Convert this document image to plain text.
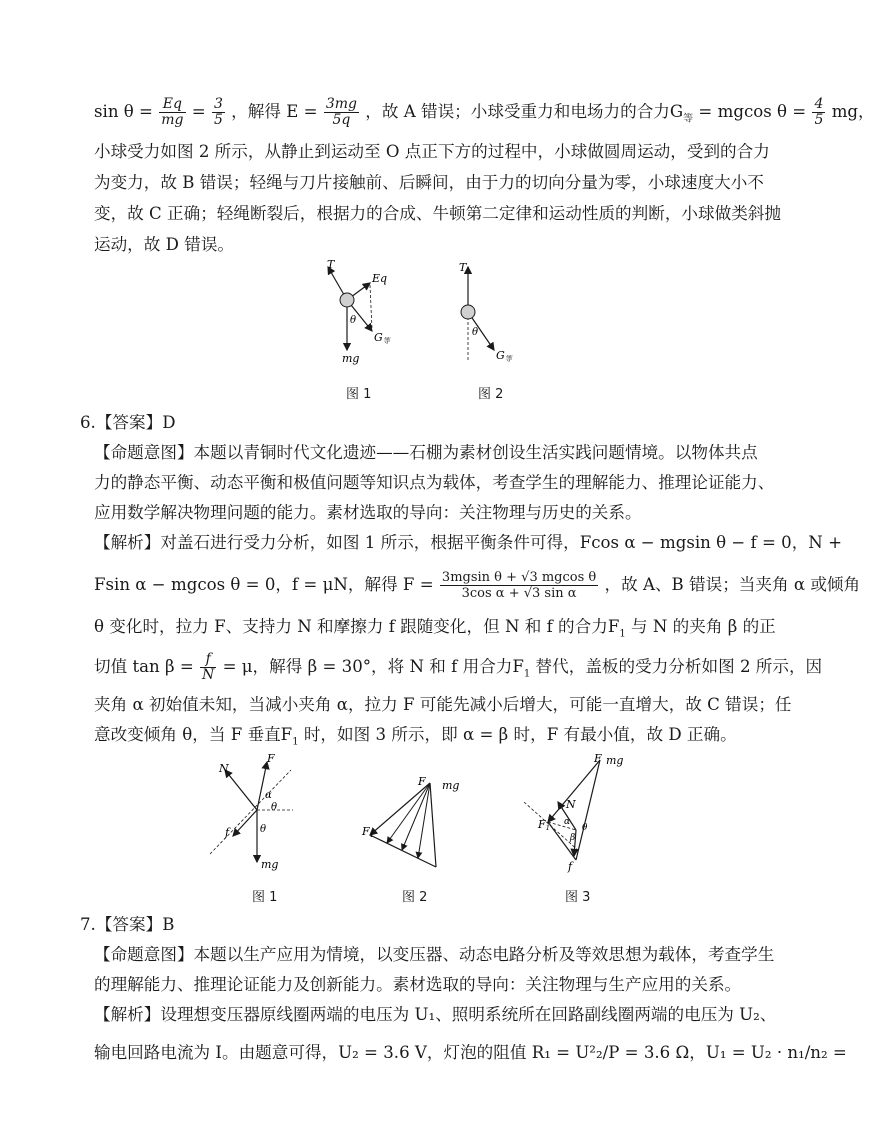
$\sin \theta = \frac{Eq}{mg} = \frac{3}{5}$ ，解得 $E = \frac{3mg}{5q}$ ，故 A 错误；小球受重力和电场力的合力$G_等 = mgcos$ $\theta = \frac{4}{5}$ mg，
小球受力如图 2 所示，从静止到运动至 O 点正下方的过程中，小球做圆周运动，受到的合力
为变力，故 B 错误；轻绳与刀片接触前、后瞬间，由于力的切向分量为零，小球速度大小不
变，故 C 正确；轻绳断裂后，根据力的合成、牛顿第二定律和运动性质的判断，小球做类斜抛
运动，故 D 错误。
T
Eq
θ
G等
mg
图 1
T
θ
G等
图 2
6.【答案】D
【命题意图】本题以青铜时代文化遗迹——石棚为素材创设生活实践问题情境。以物体共点
力的静态平衡、动态平衡和极值问题等知识点为载体，考查学生的理解能力、推理论证能力、
应用数学解决物理问题的能力。素材选取的导向：关注物理与历史的关系。
【解析】对盖石进行受力分析，如图 1 所示，根据平衡条件可得，Fcos α − mgsin θ − f = 0，N +
Fsin α − mgcos θ = 0，f = μN，解得 $F = \frac{\text{3mgsin θ + √3 mgcos θ}}{\text{3cos α + √3 sin α}}$ ，故 A、B 错误；当夹角 α 或倾角
θ 变化时，拉力 F、支持力 N 和摩擦力 f 跟随变化，但 N 和 f 的合力$F_1$ 与 N 的夹角 β 的正
切值 $\tan \beta = \frac{f}{N} = \mu$，解得 β = 30°，将 N 和 f 用合力$F_1$ 替代，盖板的受力分析如图 2 所示，因
夹角 α 初始值未知，当减小夹角 α，拉力 F 可能先减小后增大，可能一直增大，故 C 错误；任
意改变倾角 θ，当 F 垂直$F_1$ 时，如图 3 所示，即 α = β 时，F 有最小值，故 D 正确。
N
F
α
θ
θ
f
mg
图 1
F mg
F1
图 2
mg
F
N
F1
α
θ
β
f
图 3
7.【答案】B
【命题意图】本题以生产应用为情境，以变压器、动态电路分析及等效思想为载体，考查学生
的理解能力、推理论证能力及创新能力。素材选取的导向：关注物理与生产应用的关系。
【解析】设理想变压器原线圈两端的电压为 U₁、照明系统所在回路副线圈两端的电压为 U₂、
输电回路电流为 I。由题意可得，U₂ = 3.6 V，灯泡的阻值 R₁ = U²₂/P = 3.6 Ω，U₁ = U₂ · n₁/n₂ =
